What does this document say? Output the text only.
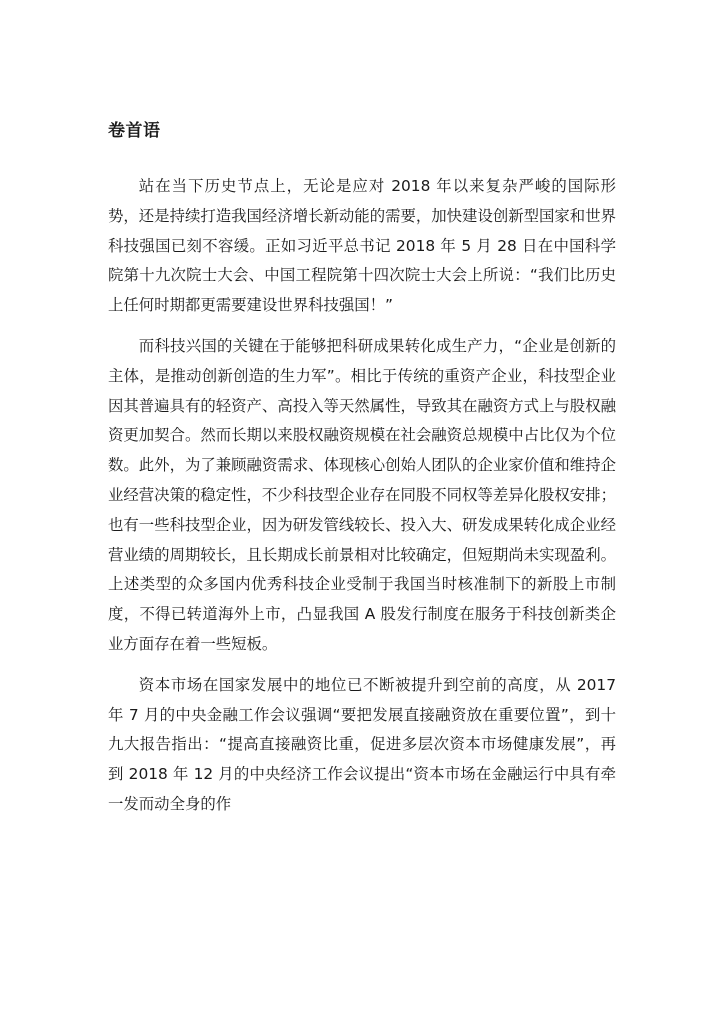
卷首语

站在当下历史节点上，无论是应对 2018 年以来复杂严峻的国际形势，还是持续打造我国经济增长新动能的需要，加快建设创新型国家和世界科技强国已刻不容缓。正如习近平总书记 2018 年 5 月 28 日在中国科学院第十九次院士大会、中国工程院第十四次院士大会上所说：“我们比历史上任何时期都更需要建设世界科技强国！”

而科技兴国的关键在于能够把科研成果转化成生产力，“企业是创新的主体，是推动创新创造的生力军”。相比于传统的重资产企业，科技型企业因其普遍具有的轻资产、高投入等天然属性，导致其在融资方式上与股权融资更加契合。然而长期以来股权融资规模在社会融资总规模中占比仅为个位数。此外，为了兼顾融资需求、体现核心创始人团队的企业家价值和维持企业经营决策的稳定性，不少科技型企业存在同股不同权等差异化股权安排；也有一些科技型企业，因为研发管线较长、投入大、研发成果转化成企业经营业绩的周期较长，且长期成长前景相对比较确定，但短期尚未实现盈利。上述类型的众多国内优秀科技企业受制于我国当时核准制下的新股上市制度，不得已转道海外上市，凸显我国 A 股发行制度在服务于科技创新类企业方面存在着一些短板。

资本市场在国家发展中的地位已不断被提升到空前的高度，从 2017 年 7 月的中央金融工作会议强调“要把发展直接融资放在重要位置”，到十九大报告指出：“提高直接融资比重，促进多层次资本市场健康发展”，再到 2018 年 12 月的中央经济工作会议提出“资本市场在金融运行中具有牵一发而动全身的作
